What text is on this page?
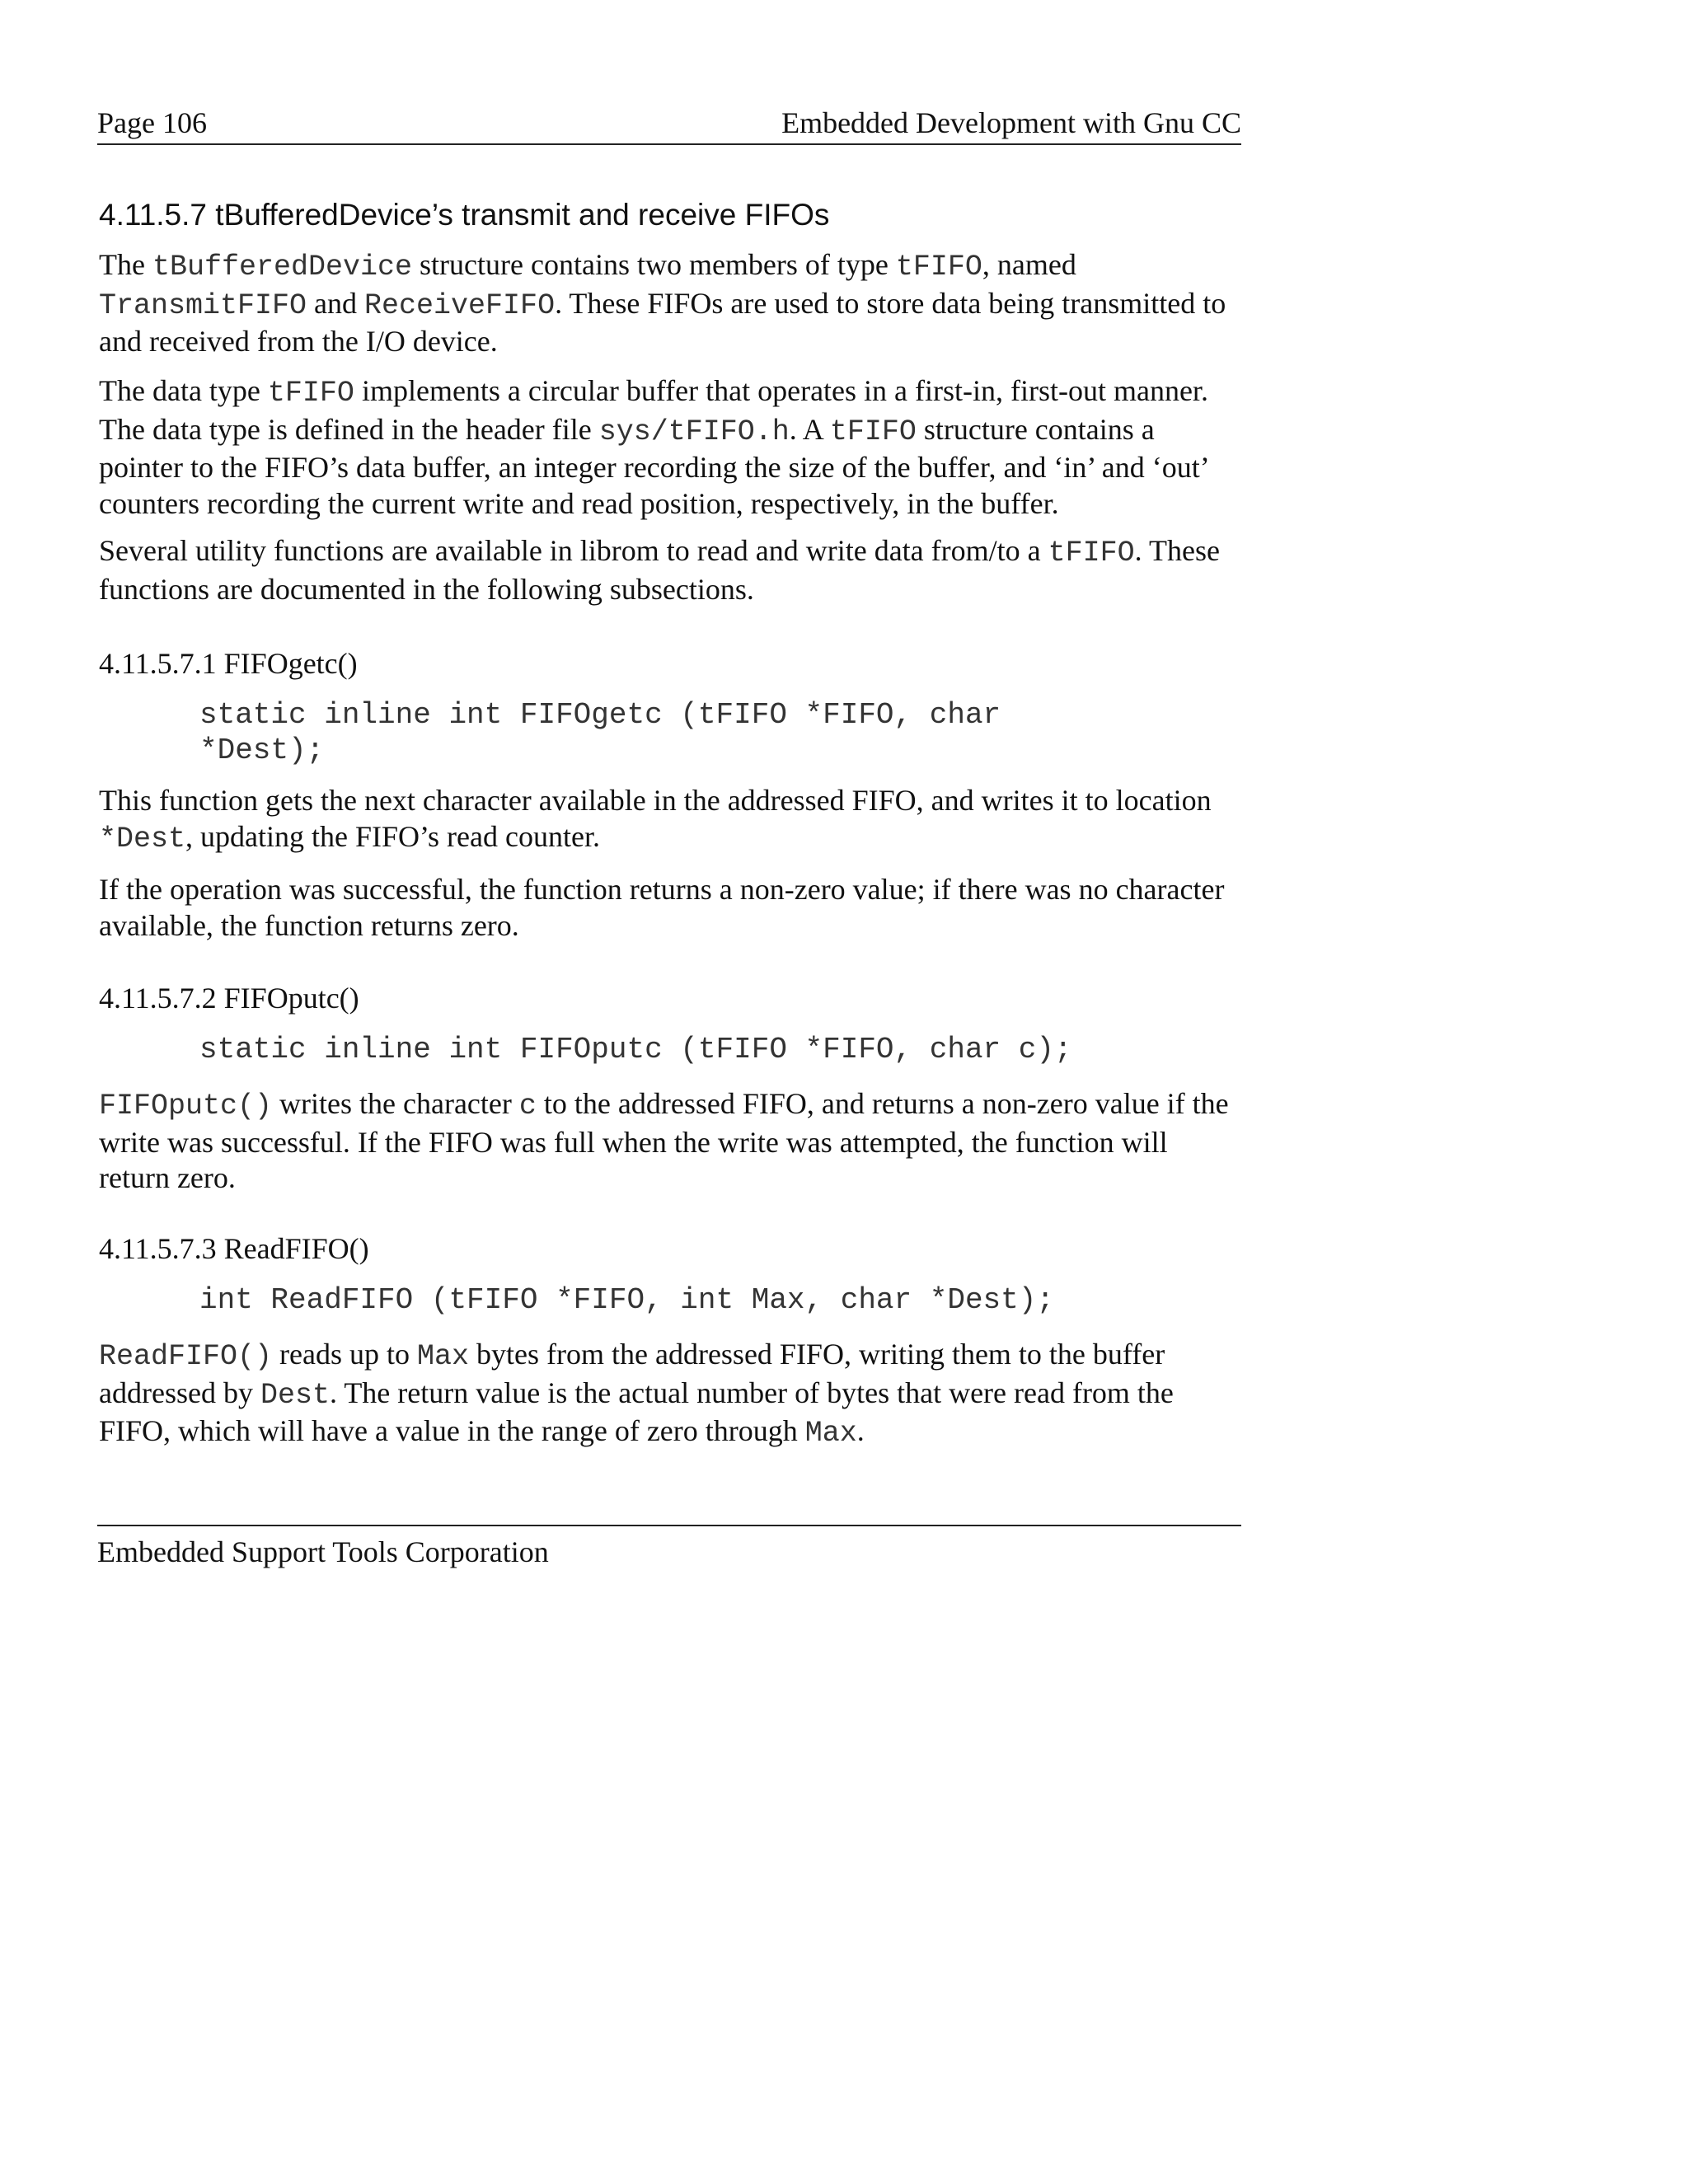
Page 106	Embedded Development with Gnu CC
4.11.5.7 tBufferedDevice’s transmit and receive FIFOs

The tBufferedDevice structure contains two members of type tFIFO, named TransmitFIFO and ReceiveFIFO. These FIFOs are used to store data being transmitted to and received from the I/O device.

The data type tFIFO implements a circular buffer that operates in a first-in, first-out manner. The data type is defined in the header file sys/tFIFO.h. A tFIFO structure contains a pointer to the FIFO’s data buffer, an integer recording the size of the buffer, and ‘in’ and ‘out’ counters recording the current write and read position, respectively, in the buffer.

Several utility functions are available in librom to read and write data from/to a tFIFO. These functions are documented in the following subsections.

4.11.5.7.1 FIFOgetc()
static inline int FIFOgetc (tFIFO *FIFO, char
*Dest);

This function gets the next character available in the addressed FIFO, and writes it to location *Dest, updating the FIFO’s read counter.

If the operation was successful, the function returns a non-zero value; if there was no character available, the function returns zero.

4.11.5.7.2 FIFOputc()
static inline int FIFOputc (tFIFO *FIFO, char c);

FIFOputc() writes the character c to the addressed FIFO, and returns a non-zero value if the write was successful. If the FIFO was full when the write was attempted, the function will return zero.

4.11.5.7.3 ReadFIFO()
int ReadFIFO (tFIFO *FIFO, int Max, char *Dest);

ReadFIFO() reads up to Max bytes from the addressed FIFO, writing them to the buffer addressed by Dest. The return value is the actual number of bytes that were read from the FIFO, which will have a value in the range of zero through Max.

Embedded Support Tools Corporation
